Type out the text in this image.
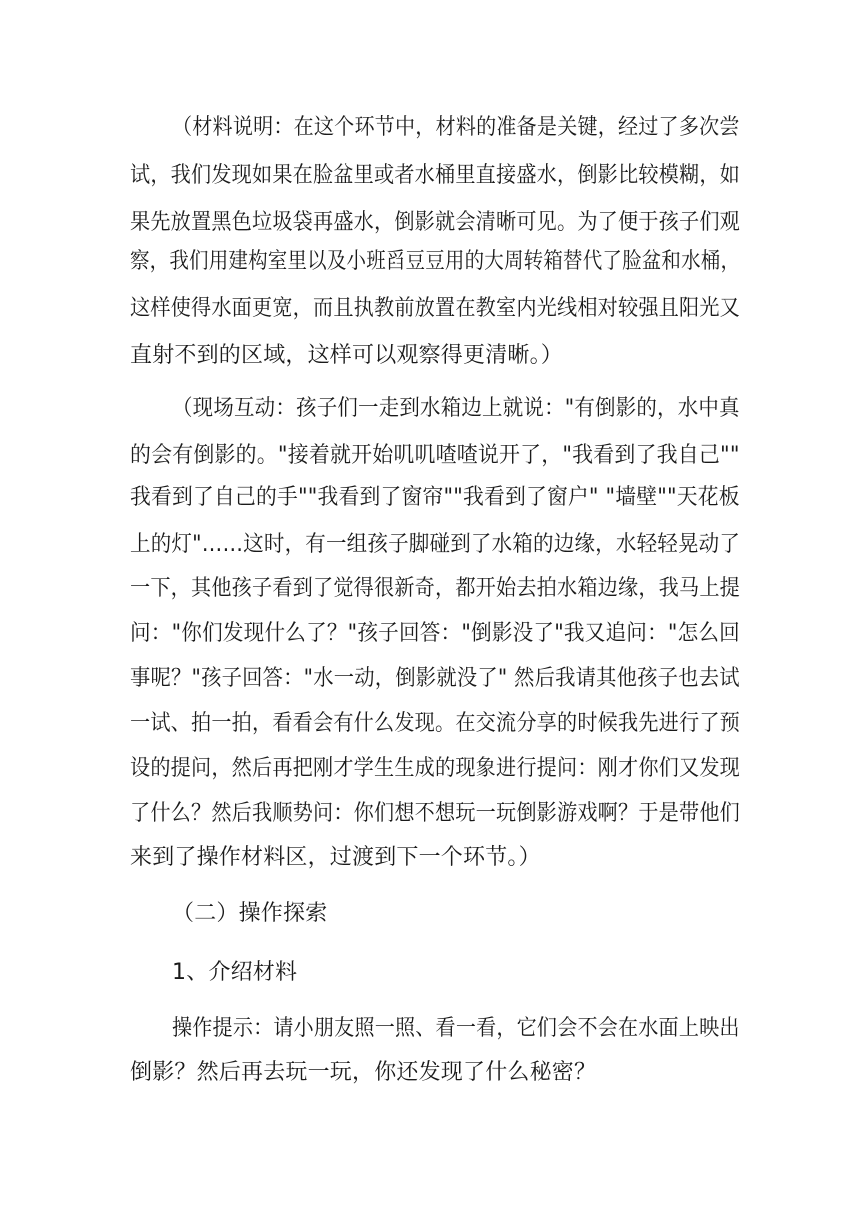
（材料说明：在这个环节中，材料的准备是关键，经过了多次尝
试，我们发现如果在脸盆里或者水桶里直接盛水，倒影比较模糊，如
果先放置黑色垃圾袋再盛水，倒影就会清晰可见。为了便于孩子们观
察，我们用建构室里以及小班舀豆豆用的大周转箱替代了脸盆和水桶，
这样使得水面更宽，而且执教前放置在教室内光线相对较强且阳光又
直射不到的区域，这样可以观察得更清晰。）
（现场互动：孩子们一走到水箱边上就说："有倒影的，水中真
的会有倒影的。"接着就开始叽叽喳喳说开了，"我看到了我自己""
我看到了自己的手""我看到了窗帘""我看到了窗户" "墙壁""天花板
上的灯"……这时，有一组孩子脚碰到了水箱的边缘，水轻轻晃动了
一下，其他孩子看到了觉得很新奇，都开始去拍水箱边缘，我马上提
问："你们发现什么了？"孩子回答："倒影没了"我又追问："怎么回
事呢？"孩子回答："水一动，倒影就没了" 然后我请其他孩子也去试
一试、拍一拍，看看会有什么发现。在交流分享的时候我先进行了预
设的提问，然后再把刚才学生生成的现象进行提问：刚才你们又发现
了什么？然后我顺势问：你们想不想玩一玩倒影游戏啊？于是带他们
来到了操作材料区，过渡到下一个环节。）
（二）操作探索
1、介绍材料
操作提示：请小朋友照一照、看一看，它们会不会在水面上映出
倒影？然后再去玩一玩，你还发现了什么秘密？
